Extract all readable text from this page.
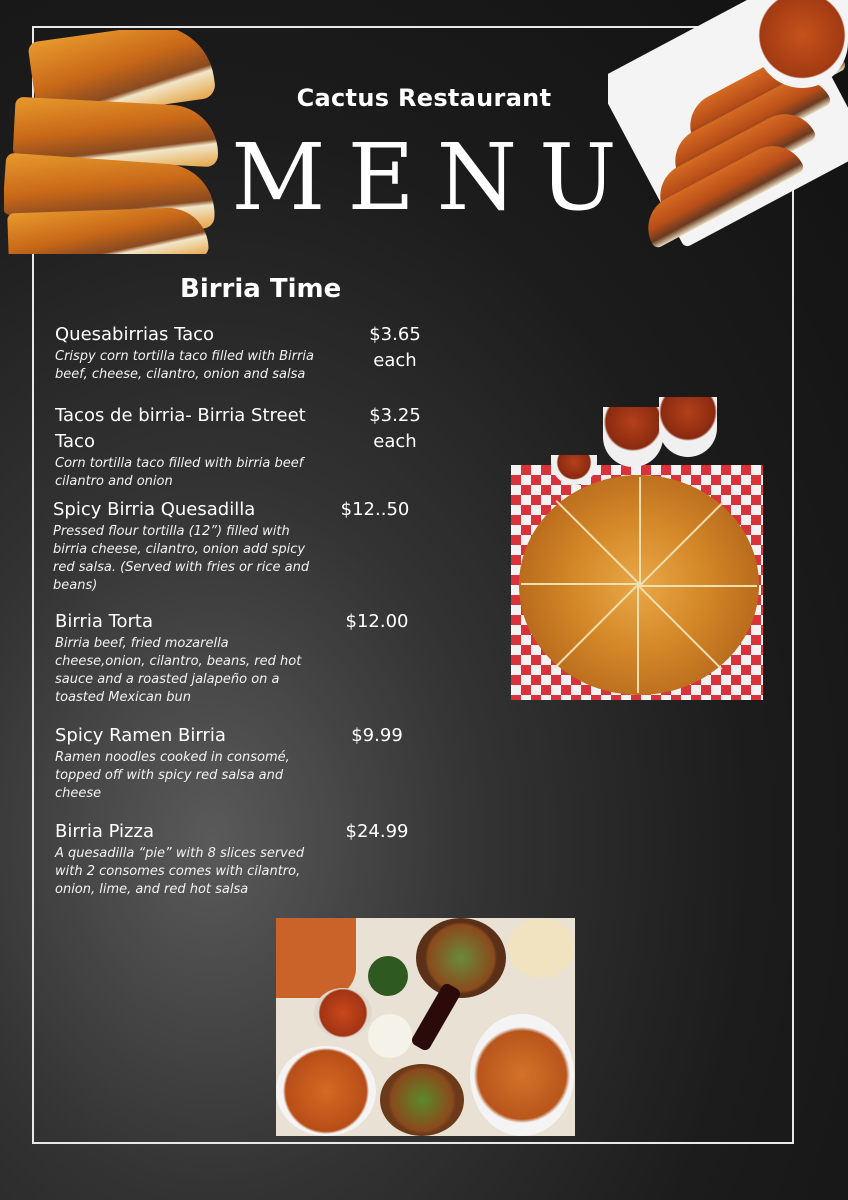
Cactus Restaurant
MENU
Birria Time
Quesabirrias Taco	$3.65 each
Crispy corn tortilla taco filled with Birria beef, cheese, cilantro, onion and salsa
Tacos de birria- Birria Street Taco
$3.25 each
Corn tortilla taco filled with birria beef cilantro and onion
Spicy Birria Quesadilla	$12..50
Pressed flour tortilla (12”) filled with birria cheese, cilantro, onion add spicy red salsa. (Served with fries or rice and beans)
Birria Torta	$12.00
Birria beef, fried mozarella cheese,onion, cilantro, beans, red hot sauce and a roasted jalapeño on a toasted Mexican bun
Spicy Ramen Birria	$9.99
Ramen noodles cooked in consomé, topped off with spicy red salsa and cheese
Birria Pizza	$24.99
A quesadilla “pie” with 8 slices served with 2 consomes comes with cilantro, onion, lime, and red hot salsa
